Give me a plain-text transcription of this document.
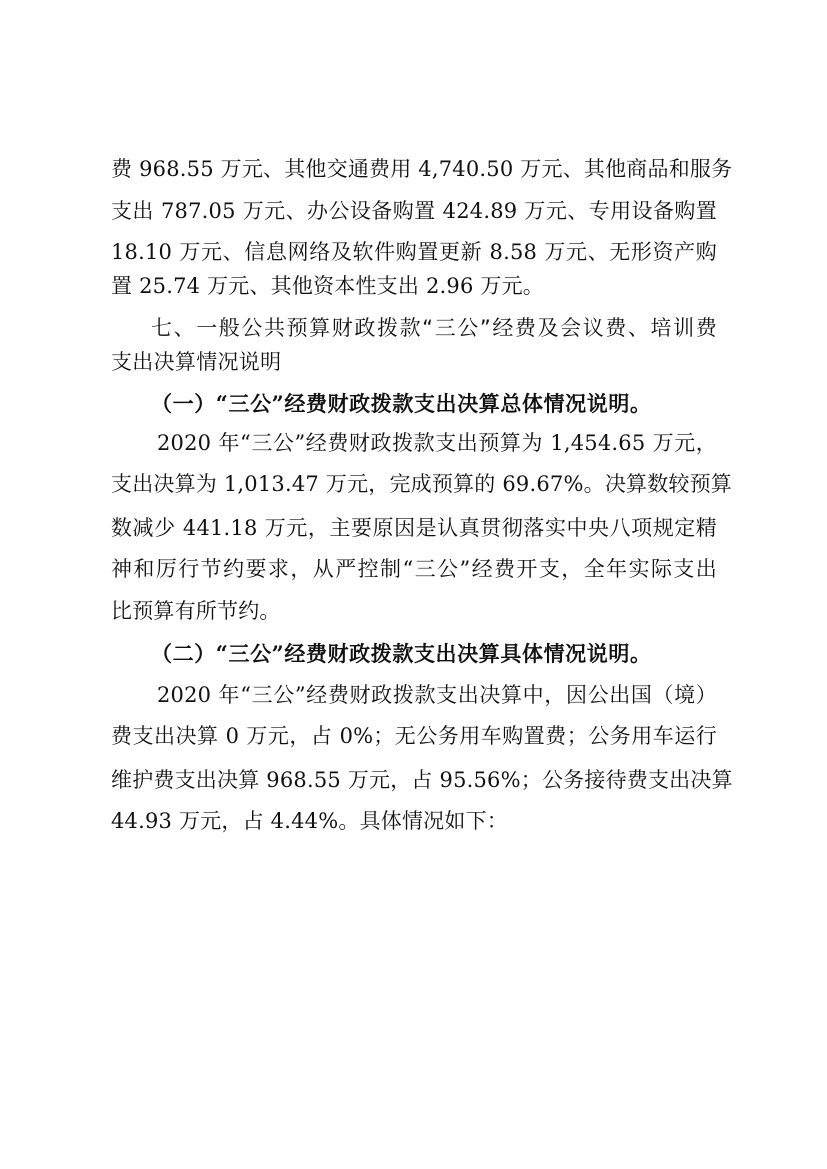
费 968.55 万元、其他交通费用 4,740.50 万元、其他商品和服务
支出 787.05 万元、办公设备购置 424.89 万元、专用设备购置
18.10 万元、信息网络及软件购置更新 8.58 万元、无形资产购
置 25.74 万元、其他资本性支出 2.96 万元。
七、一般公共预算财政拨款“三公”经费及会议费、培训费
支出决算情况说明
（一）“三公”经费财政拨款支出决算总体情况说明。
2020 年“三公”经费财政拨款支出预算为 1,454.65 万元，
支出决算为 1,013.47 万元，完成预算的 69.67%。决算数较预算
数减少 441.18 万元，主要原因是认真贯彻落实中央八项规定精
神和厉行节约要求，从严控制“三公”经费开支，全年实际支出
比预算有所节约。
（二）“三公”经费财政拨款支出决算具体情况说明。
2020 年“三公”经费财政拨款支出决算中，因公出国（境）
费支出决算 0 万元，占 0%；无公务用车购置费；公务用车运行
维护费支出决算 968.55 万元，占 95.56%；公务接待费支出决算
44.93 万元，占 4.44%。具体情况如下：
